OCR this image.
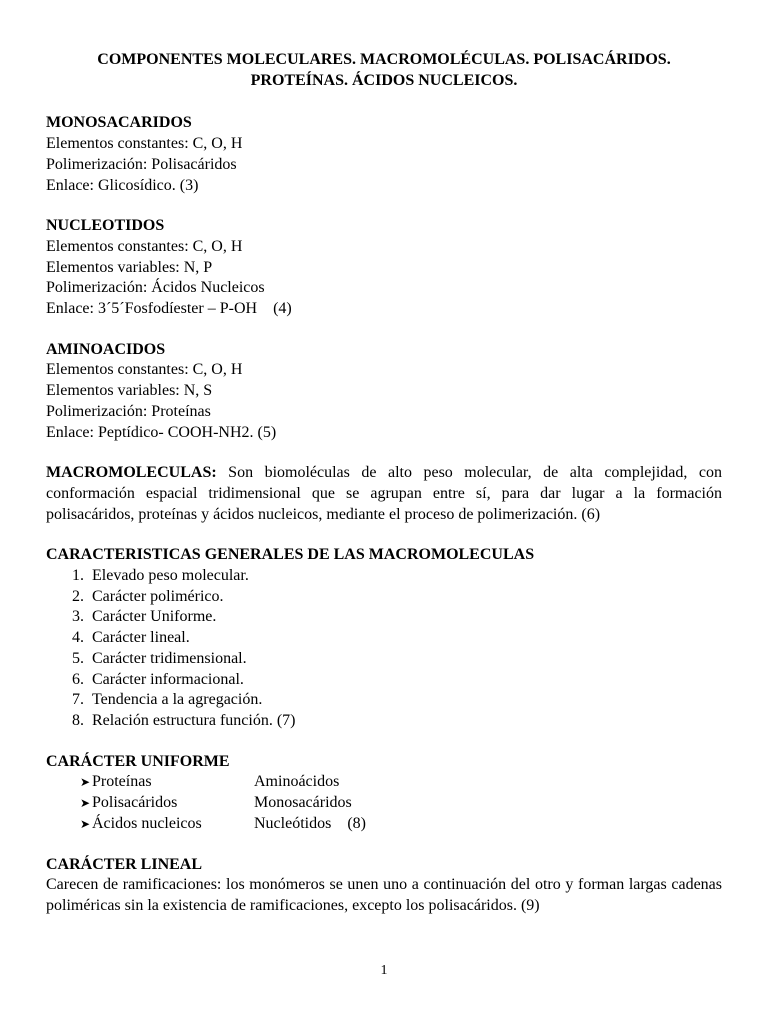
COMPONENTES MOLECULARES. MACROMOLÉCULAS. POLISACÁRIDOS.
PROTEÍNAS. ÁCIDOS NUCLEICOS.

MONOSACARIDOS

Elementos constantes: C, O, H

Polimerización: Polisacáridos

Enlace: Glicosídico. (3)

NUCLEOTIDOS

Elementos constantes: C, O, H

Elementos variables: N, P

Polimerización: Ácidos Nucleicos

Enlace: 3´5´Fosfodíester – P-OH    (4)

AMINOACIDOS

Elementos constantes: C, O, H

Elementos variables: N, S

Polimerización: Proteínas

Enlace: Peptídico- COOH-NH2. (5)

MACROMOLECULAS: Son biomoléculas de alto peso molecular, de alta complejidad, con conformación espacial tridimensional que se agrupan entre sí, para dar lugar a la formación polisacáridos, proteínas y ácidos nucleicos, mediante el proceso de polimerización. (6)

CARACTERISTICAS GENERALES DE LAS MACROMOLECULAS

1. Elevado peso molecular.
2. Carácter polimérico.
3. Carácter Uniforme.
4. Carácter lineal.
5. Carácter tridimensional.
6. Carácter informacional.
7. Tendencia a la agregación.
8. Relación estructura función. (7)

CARÁCTER UNIFORME

➤ Proteínas	Aminoácidos
➤ Polisacáridos	Monosacáridos
➤ Ácidos nucleicos	Nucleótidos    (8)

CARÁCTER LINEAL

Carecen de ramificaciones: los monómeros se unen uno a continuación del otro y forman largas cadenas poliméricas sin la existencia de ramificaciones, excepto los polisacáridos. (9)

1
